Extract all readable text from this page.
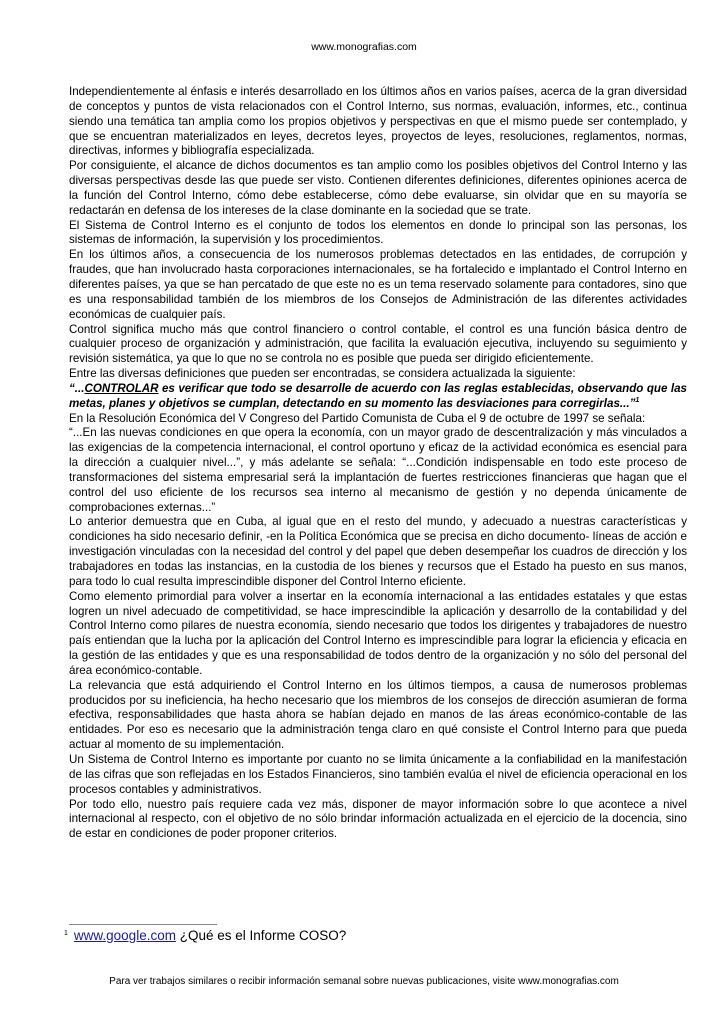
www.monografias.com

Independientemente al énfasis e interés desarrollado en los últimos años en varios países, acerca de la gran diversidad de conceptos y puntos de vista relacionados con el Control Interno, sus normas, evaluación, informes, etc., continua siendo una temática tan amplia como los propios objetivos y perspectivas en que el mismo puede ser contemplado, y que se encuentran materializados en leyes, decretos leyes, proyectos de leyes, resoluciones, reglamentos, normas, directivas, informes y bibliografía especializada.

Por consiguiente, el alcance de dichos documentos es tan amplio como los posibles objetivos del Control Interno y las diversas perspectivas desde las que puede ser visto. Contienen diferentes definiciones, diferentes opiniones acerca de la función del Control Interno, cómo debe establecerse, cómo debe evaluarse, sin olvidar que en su mayoría se redactarán en defensa de los intereses de la clase dominante en la sociedad que se trate.

El Sistema de Control Interno es el conjunto de todos los elementos en donde lo principal son las personas, los sistemas de información, la supervisión y los procedimientos.

En los últimos años, a consecuencia de los numerosos problemas detectados en las entidades, de corrupción y fraudes, que han involucrado hasta corporaciones internacionales, se ha fortalecido e implantado el Control Interno en diferentes países, ya que se han percatado de que este no es un tema reservado solamente para contadores, sino que es una responsabilidad también de los miembros de los Consejos de Administración de las diferentes actividades económicas de cualquier país.

Control significa mucho más que control financiero o control contable, el control es una función básica dentro de cualquier proceso de organización y administración, que facilita la evaluación ejecutiva, incluyendo su seguimiento y revisión sistemática, ya que lo que no se controla no es posible que pueda ser dirigido eficientemente.

Entre las diversas definiciones que pueden ser encontradas, se considera actualizada la siguiente:

“...CONTROLAR es verificar que todo se desarrolle de acuerdo con las reglas establecidas, observando que las metas, planes y objetivos se cumplan, detectando en su momento las desviaciones para corregirlas...”$^1$

En la Resolución Económica del V Congreso del Partido Comunista de Cuba el 9 de octubre de 1997 se señala:

“...En las nuevas condiciones en que opera la economía, con un mayor grado de descentralización y más vinculados a las exigencias de la competencia internacional, el control oportuno y eficaz de la actividad económica es esencial para la dirección a cualquier nivel...”, y más adelante se señala: “...Condición indispensable en todo este proceso de transformaciones del sistema empresarial será la implantación de fuertes restricciones financieras que hagan que el control del uso eficiente de los recursos sea interno al mecanismo de gestión y no dependa únicamente de comprobaciones externas...”

Lo anterior demuestra que en Cuba, al igual que en el resto del mundo, y adecuado a nuestras características y condiciones ha sido necesario definir, -en la Política Económica que se precisa en dicho documento- líneas de acción e investigación vinculadas con la necesidad del control y del papel que deben desempeñar los cuadros de dirección y los trabajadores en todas las instancias, en la custodia de los bienes y recursos que el Estado ha puesto en sus manos, para todo lo cual resulta imprescindible disponer del Control Interno eficiente.

Como elemento primordial para volver a insertar en la economía internacional a las entidades estatales y que estas logren un nivel adecuado de competitividad, se hace imprescindible la aplicación y desarrollo de la contabilidad y del Control Interno como pilares de nuestra economía, siendo necesario que todos los dirigentes y trabajadores de nuestro país entiendan que la lucha por la aplicación del Control Interno es imprescindible para lograr la eficiencia y eficacia en la gestión de las entidades y que es una responsabilidad de todos dentro de la organización y no sólo del personal del área económico-contable.

La relevancia que está adquiriendo el Control Interno en los últimos tiempos, a causa de numerosos problemas producidos por su ineficiencia, ha hecho necesario que los miembros de los consejos de dirección asumieran de forma efectiva, responsabilidades que hasta ahora se habían dejado en manos de las áreas económico-contable de las entidades. Por eso es necesario que la administración tenga claro en qué consiste el Control Interno para que pueda actuar al momento de su implementación.

Un Sistema de Control Interno es importante por cuanto no se limita únicamente a la confiabilidad en la manifestación de las cifras que son reflejadas en los Estados Financieros, sino también evalúa el nivel de eficiencia operacional en los procesos contables y administrativos.

Por todo ello, nuestro país requiere cada vez más, disponer de mayor información sobre lo que acontece a nivel internacional al respecto, con el objetivo de no sólo brindar información actualizada en el ejercicio de la docencia, sino de estar en condiciones de poder proponer criterios.

$^1$ www.google.com ¿Qué es el Informe COSO?
Para ver trabajos similares o recibir información semanal sobre nuevas publicaciones, visite www.monografias.com
